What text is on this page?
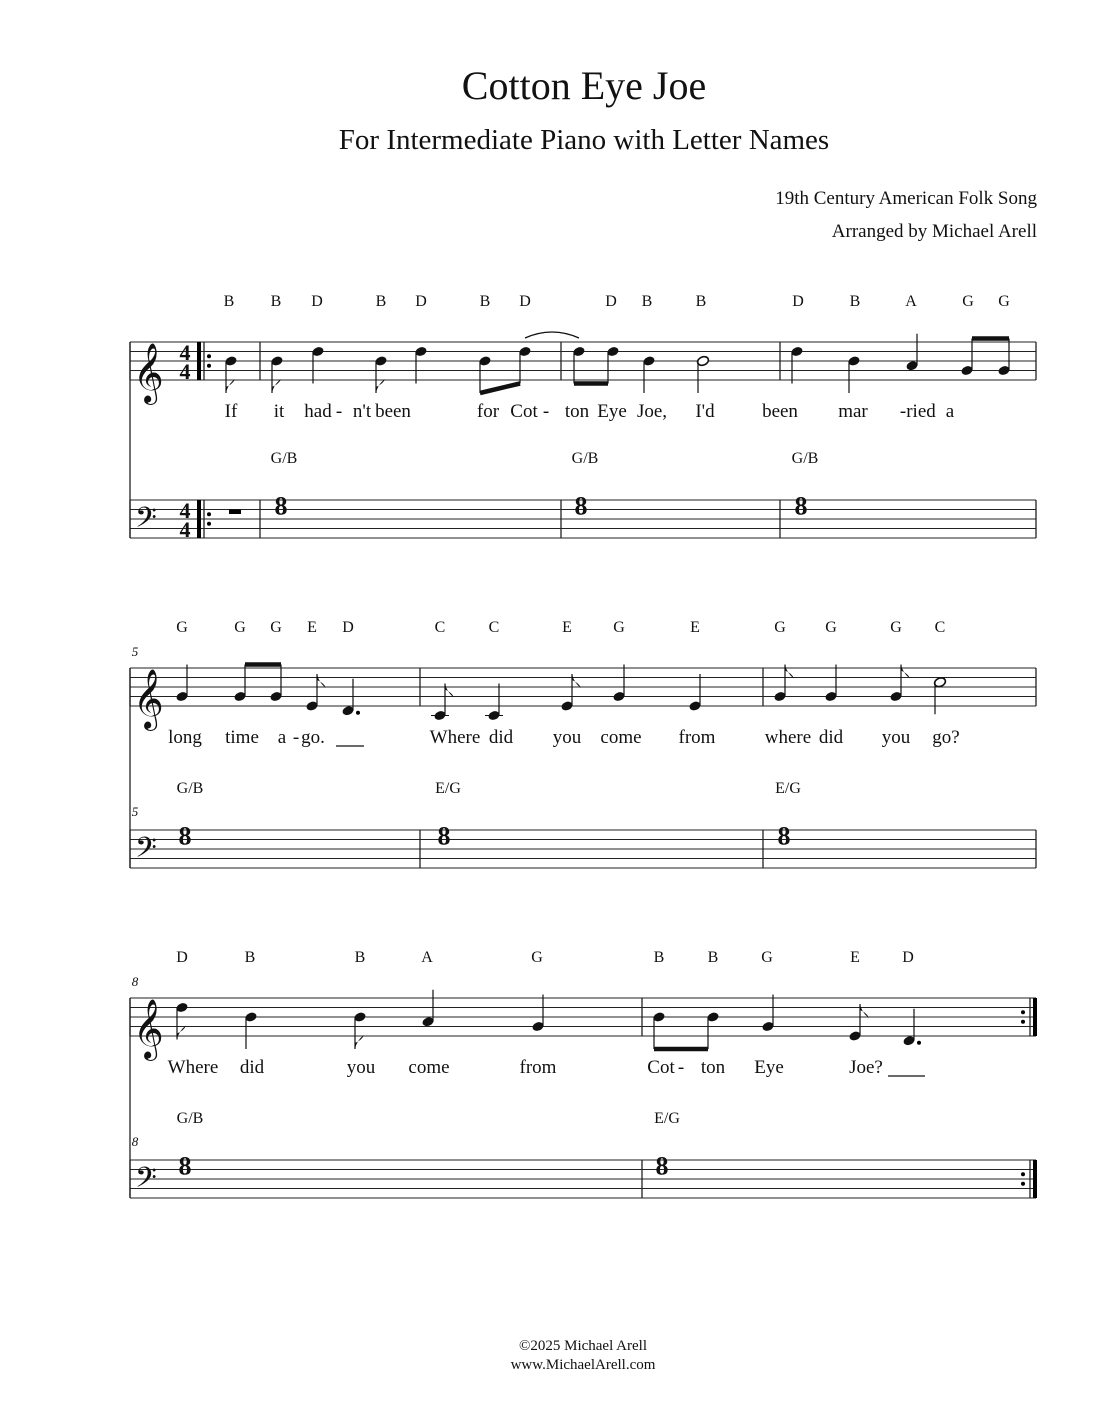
Cotton Eye Joe
For Intermediate Piano with Letter Names
19th Century American Folk Song
Arranged by Michael Arell
B B D	B D	B D	D B	B	D	B	A	G G
𝄞
𝄢
4
4
4
4
If it had - n't been	for Cot - ton Eye Joe, I'd been mar - ried a
G/B	G/B	G/B
8	8	8
G	G G E D	C	C	E	G	E	G G	G C
𝄞
𝄢
5
5
long time a - go.	Where did you come from	where did you go?
G/B	E/G	E/G
8	8	8
D	B	B	A	G	B	B	G	E	D
𝄞
𝄢
8
8
Where did	you come	from	Cot - ton Eye	Joe?
G/B	E/G
8	8
©2025 Michael Arell
www.MichaelArell.com
